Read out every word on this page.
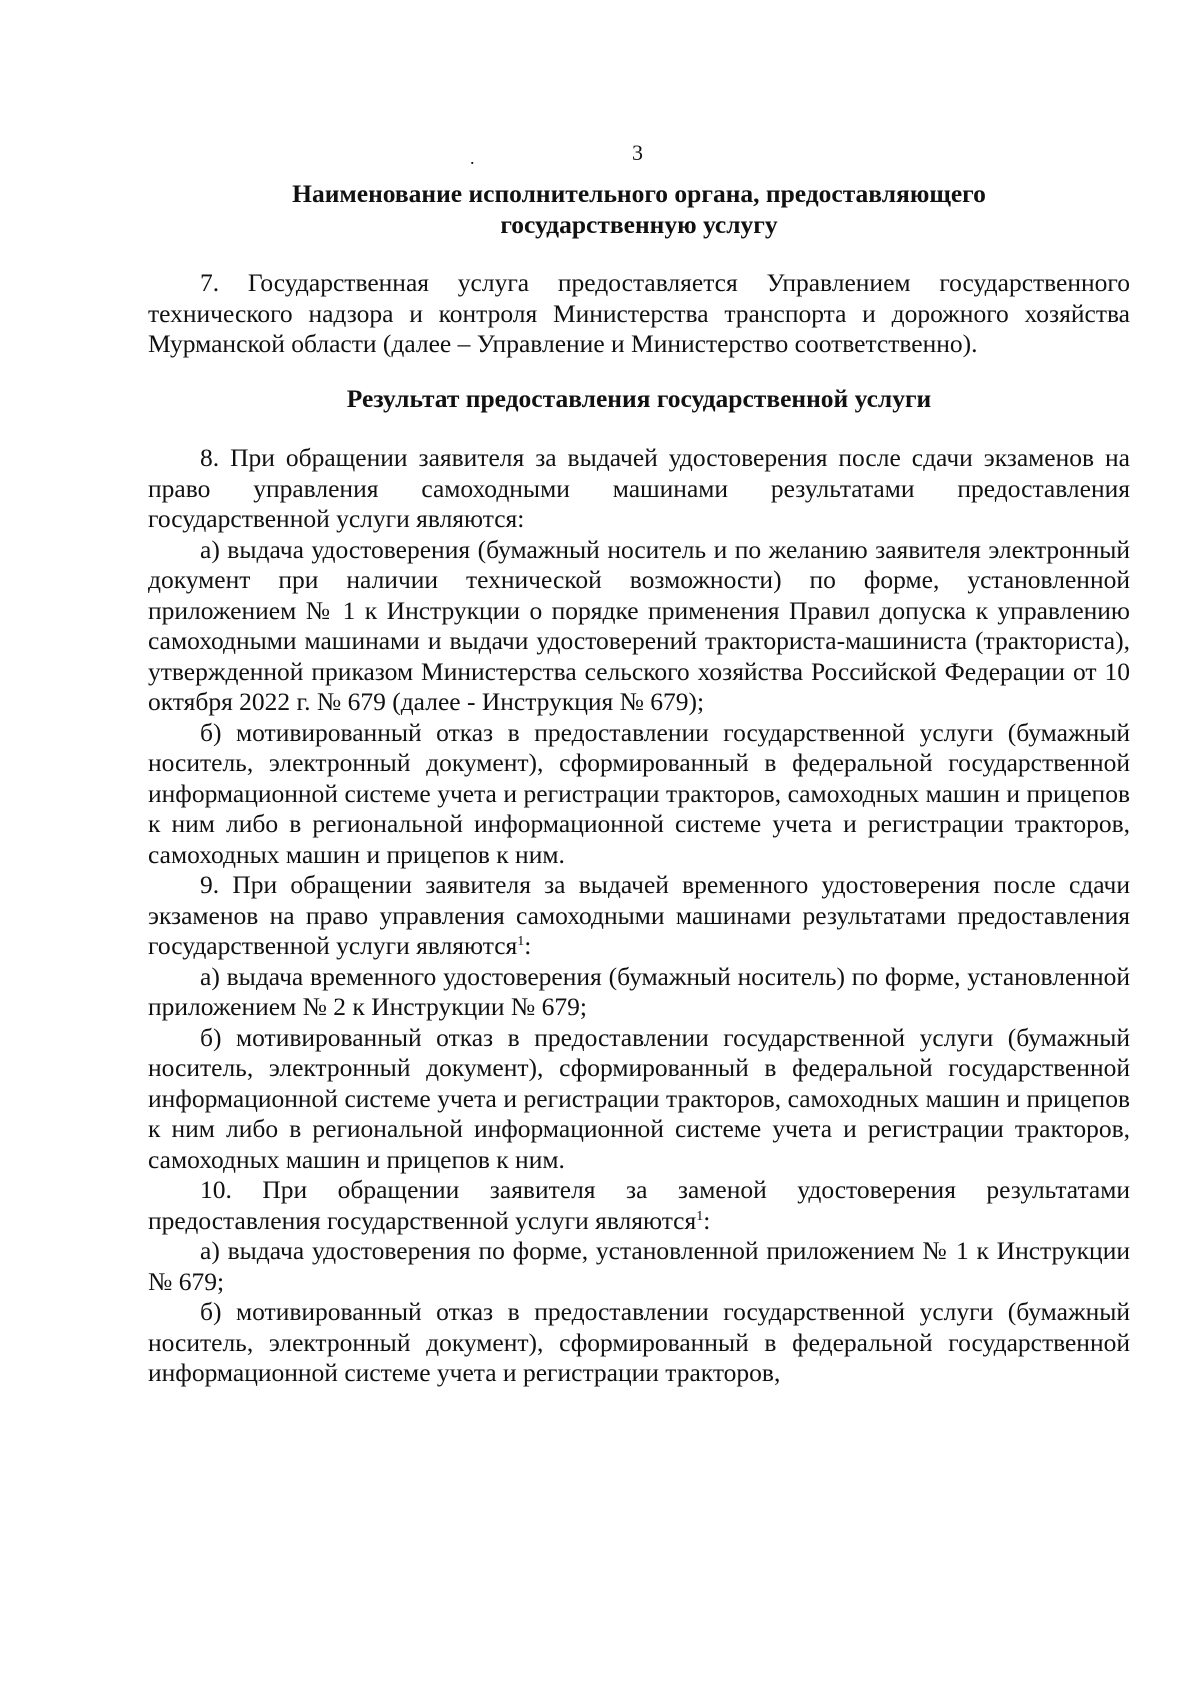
3
.
Наименование исполнительного органа, предоставляющего
государственную услугу

7. Государственная услуга предоставляется Управлением государственного технического надзора и контроля Министерства транспорта и дорожного хозяйства Мурманской области (далее – Управление и Министерство соответственно).

Результат предоставления государственной услуги

8. При обращении заявителя за выдачей удостоверения после сдачи экзаменов на право управления самоходными машинами результатами предоставления государственной услуги являются:

а) выдача удостоверения (бумажный носитель и по желанию заявителя электронный документ при наличии технической возможности) по форме, установленной приложением № 1 к Инструкции о порядке применения Правил допуска к управлению самоходными машинами и выдачи удостоверений тракториста-машиниста (тракториста), утвержденной приказом Министерства сельского хозяйства Российской Федерации от 10 октября 2022 г. № 679 (далее - Инструкция № 679);

б) мотивированный отказ в предоставлении государственной услуги (бумажный носитель, электронный документ), сформированный в федеральной государственной информационной системе учета и регистрации тракторов, самоходных машин и прицепов к ним либо в региональной информационной системе учета и регистрации тракторов, самоходных машин и прицепов к ним.

9. При обращении заявителя за выдачей временного удостоверения после сдачи экзаменов на право управления самоходными машинами результатами предоставления государственной услуги являются$^1$:

а) выдача временного удостоверения (бумажный носитель) по форме, установленной приложением № 2 к Инструкции № 679;

б) мотивированный отказ в предоставлении государственной услуги (бумажный носитель, электронный документ), сформированный в федеральной государственной информационной системе учета и регистрации тракторов, самоходных машин и прицепов к ним либо в региональной информационной системе учета и регистрации тракторов, самоходных машин и прицепов к ним.

10. При обращении заявителя за заменой удостоверения результатами предоставления государственной услуги являются$^1$:

а) выдача удостоверения по форме, установленной приложением № 1 к Инструкции № 679;

б) мотивированный отказ в предоставлении государственной услуги (бумажный носитель, электронный документ), сформированный в федеральной государственной информационной системе учета и регистрации тракторов,
